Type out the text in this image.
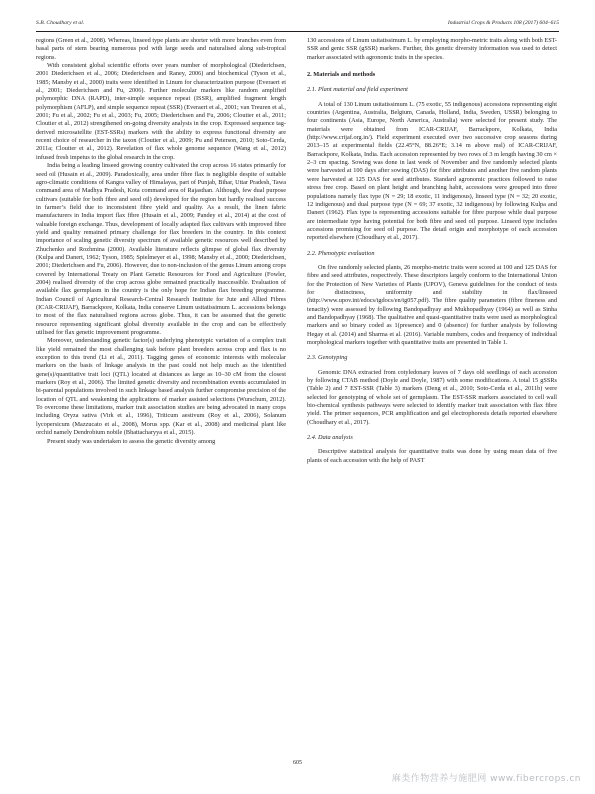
S.B. Choudhary et al.	Industrial Crops & Products 108 (2017) 604–615

regions (Green et al., 2008). Whereas, linseed type plants are shorter with more branches even from basal parts of stem bearing numerous pod with large seeds and naturalised along sub-tropical regions.

With consistent global scientific efforts over years number of morphological (Diederichsen, 2001 Diederichsen et al., 2006; Diederichsen and Raney, 2006) and biochemical (Tyson et al., 1985; Mansby et al., 2000) traits were identified in Linum for characterization purpose (Everaert et al., 2001; Diederichsen and Fu, 2006). Further molecular markers like random amplified polymorphic DNA (RAPD), inter-simple sequence repeat (ISSR), amplified fragment length polymorphism (AFLP), and simple sequence repeat (SSR) (Everaert et al., 2001; van Treuren et al., 2001; Fu et al., 2002; Fu et al., 2003; Fu, 2005; Diederichsen and Fu, 2006; Cloutier et al., 2011; Cloutier et al., 2012) strengthened on-going diversity analysis in the crop. Expressed sequence tag-derived microsatellite (EST-SSRs) markers with the ability to express functional diversity are recent choice of researcher in the taxon (Cloutier et al., 2009; Pu and Peterson, 2010; Soto-Cerda, 2011a; Cloutier et al., 2012). Revelation of flax whole genome sequence (Wang et al., 2012) infused fresh impetus to the global research in the crop.

India being a leading linseed growing country cultivated the crop across 16 states primarily for seed oil (Husain et al., 2009). Paradoxically, area under fibre flax is negligible despite of suitable agro-climatic conditions of Kangra valley of Himalayas, part of Punjab, Bihar, Uttar Pradesh, Tawa command area of Madhya Pradesh, Kota command area of Rajasthan. Although, few dual purpose cultivars (suitable for both fibre and seed oil) developed for the region but hardly realised success in farmer’s field due to inconsistent fibre yield and quality. As a result, the linen fabric manufacturers in India import flax fibre (Husain et al., 2009; Pandey et al., 2014) at the cost of valuable foreign exchange. Thus, development of locally adapted flax cultivars with improved fibre yield and quality remained primary challenge for flax breeders in the country. In this context importance of scaling genetic diversity spectrum of available genetic resources well described by Zhuchenko and Rozhmina (2000). Available literature reflects glimpse of global flax diversity (Kulpa and Danert, 1962; Tyson, 1985; Spielmeyer et al., 1998; Mansby et al., 2000; Diederichsen, 2001; Diederichsen and Fu, 2006). However, due to non-inclusion of the genus Linum among crops covered by International Treaty on Plant Genetic Resources for Food and Agriculture (Fowler, 2004) realised diversity of the crop across globe remained practically inaccessible. Evaluation of available flax germplasm in the country is the only hope for Indian flax breeding programme. Indian Council of Agricultural Research-Central Research Institute for Jute and Allied Fibres (ICAR-CRIJAF), Barrackpore, Kolkata, India conserve Linum usitatissimum L. accessions belongs to most of the flax naturalised regions across globe. Thus, it can be assumed that the genetic resource representing significant global diversity available in the crop and can be effectively utilised for flax genetic improvement programme.

Moreover, understanding genetic factor(s) underlying phenotypic variation of a complex trait like yield remained the most challenging task before plant breeders across crop and flax is no exception to this trend (Li et al., 2011). Tagging genes of economic interests with molecular markers on the basis of linkage analysis in the past could not help much as the identified gene(s)/quantitative trait loci (QTL) located at distances as large as 10–30 cM from the closest markers (Roy et al., 2006). The limited genetic diversity and recombination events accumulated in bi-parental populations involved in such linkage based analysis further compromise precision of the location of QTL and weakening the applications of marker assisted selections (Wurschum, 2012). To overcome these limitations, marker trait association studies are being advocated in many crops including Oryza sativa (Virk et al., 1996), Triticum aestivum (Roy et al., 2006), Solanum lycopersicum (Mazzucato et al., 2008), Morus spp. (Kar et al., 2008) and medicinal plant like orchid namely Dendrobium nobile (Bhattacharyya et al., 2015).

Present study was undertaken to assess the genetic diversity among

130 accessions of Linum usitatissimum L. by employing morpho-metric traits along with both EST-SSR and genic SSR (gSSR) markers. Further, this genetic diversity information was used to detect marker associated with agronomic traits in the species.

2. Materials and methods
2.1. Plant material and field experiment

A total of 130 Linum usitatissimum L. (75 exotic, 55 indigenous) accessions representing eight countries (Argentina, Australia, Belgium, Canada, Holland, India, Sweden, USSR) belonging to four continents (Asia, Europe, North America, Australia) were selected for present study. The materials were obtained from ICAR-CRIJAF, Barrackpore, Kolkata, India (http://www.crijaf.org.in/). Field experiment executed over two successive crop seasons during 2013–15 at experimental fields (22.45°N, 88.26°E; 3.14 m above msl) of ICAR-CRIJAF, Barrackpore, Kolkata, India. Each accession represented by two rows of 3 m length having 30 cm × 2–3 cm spacing. Sowing was done in last week of November and five randomly selected plants were harvested at 100 days after sowing (DAS) for fibre attributes and another five random plants were harvested at 125 DAS for seed attributes. Standard agronomic practices followed to raise stress free crop. Based on plant height and branching habit, accessions were grouped into three populations namely flax type (N = 29; 18 exotic, 11 indigenous), linseed type (N = 32; 20 exotic, 12 indigenous) and dual purpose type (N = 69; 37 exotic, 32 indigenous) by following Kulpa and Danert (1962). Flax type is representing accessions suitable for fibre purpose while dual purpose are intermediate type having potential for both fibre and seed oil purpose. Linseed type includes accessions promising for seed oil purpose. The detail origin and morphotype of each accession reported elsewhere (Choudhary et al., 2017).

2.2. Phenotypic evaluation

On five randomly selected plants, 26 morpho-metric traits were scored at 100 and 125 DAS for fibre and seed attributes, respectively. These descriptors largely conform to the International Union for the Protection of New Varieties of Plants (UPOV), Geneva guidelines for the conduct of tests for distinctness, uniformity and stability in flax/linseed (http://www.upov.int/edocs/tgdocs/en/tg057.pdf). The fibre quality parameters (fibre fineness and tenacity) were assessed by following Bandopadhyay and Mukhopadhyay (1964) as well as Sinha and Bandopadhyay (1968). The qualitative and quasi-quantitative traits were used as morphological markers and so binary coded as 1(presence) and 0 (absence) for further analysis by following Hegay et al. (2014) and Sharma et al. (2016). Variable numbers, codes and frequency of individual morphological markers together with quantitative traits are presented in Table 1.

2.3. Genotyping

Genomic DNA extracted from cotyledonary leaves of 7 days old seedlings of each accession by following CTAB method (Doyle and Doyle, 1987) with some modifications. A total 15 gSSRs (Table 2) and 7 EST-SSR (Table 3) markers (Deng et al., 2010; Soto-Cerda et al., 2011b) were selected for genotyping of whole set of germplasm. The EST-SSR markers associated to cell wall bio-chemical synthesis pathways were selected to identify marker trait association with flax fibre yield. The primer sequences, PCR amplification and gel electrophoresis details reported elsewhere (Choudhary et al., 2017).

2.4. Data analysis

Descriptive statistical analysis for quantitative traits was done by using mean data of five plants of each accession with the help of PAST

605
麻类作物营养与施肥网 www.fibercrops.cn
